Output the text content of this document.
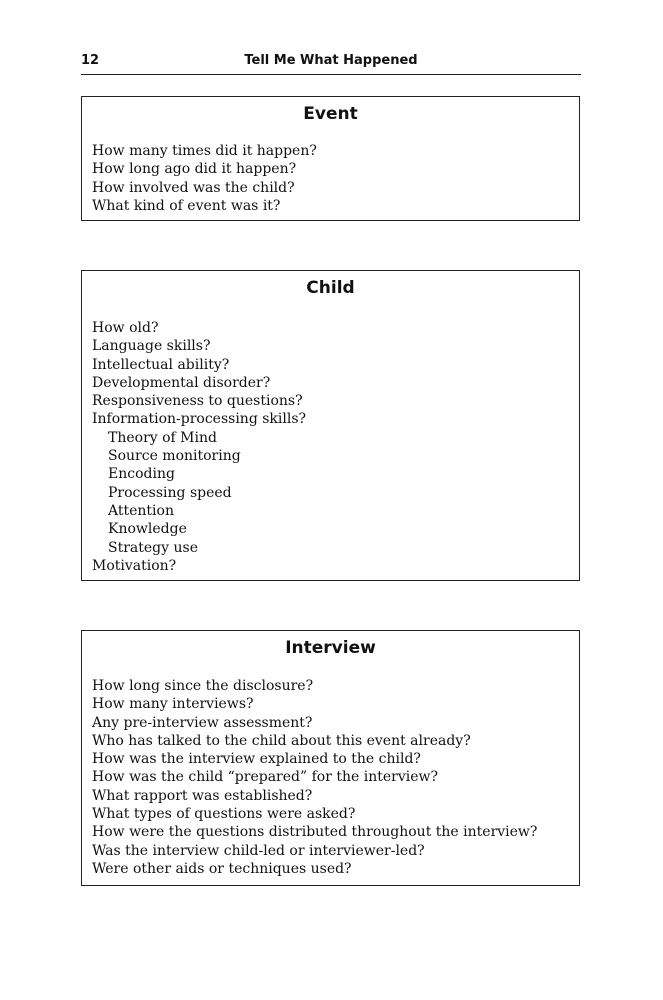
12	Tell Me What Happened
Event
How many times did it happen?
How long ago did it happen?
How involved was the child?
What kind of event was it?
Child
How old?
Language skills?
Intellectual ability?
Developmental disorder?
Responsiveness to questions?
Information-processing skills?
Theory of Mind
Source monitoring
Encoding
Processing speed
Attention
Knowledge
Strategy use
Motivation?
Interview
How long since the disclosure?
How many interviews?
Any pre-interview assessment?
Who has talked to the child about this event already?
How was the interview explained to the child?
How was the child “prepared” for the interview?
What rapport was established?
What types of questions were asked?
How were the questions distributed throughout the interview?
Was the interview child-led or interviewer-led?
Were other aids or techniques used?
